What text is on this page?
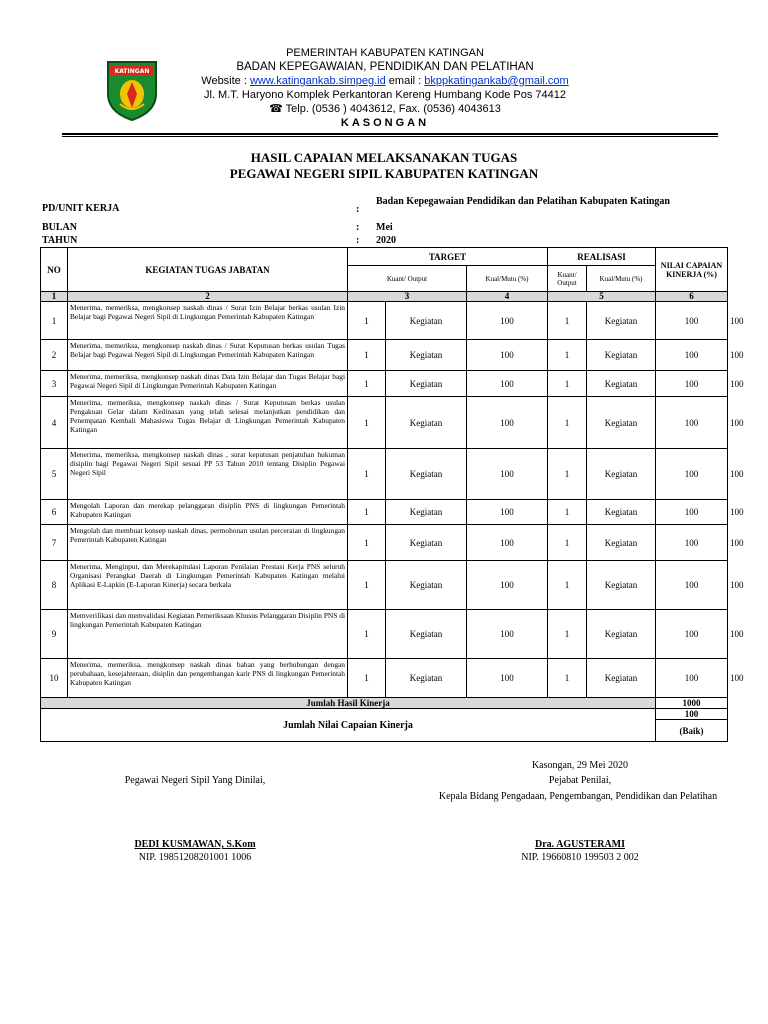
KATINGAN
PEMERINTAH KABUPATEN KATINGAN
BADAN KEPEGAWAIAN, PENDIDIKAN DAN PELATIHAN
Website : www.katingankab.simpeg.id email : bkppkatingankab@gmail.com
Jl. M.T. Haryono Komplek Perkantoran Kereng Humbang Kode Pos 74412
☎ Telp. (0536 ) 4043612, Fax. (0536) 4043613
KASONGAN
HASIL CAPAIAN MELAKSANAKAN TUGAS
PEGAWAI NEGERI SIPIL KABUPATEN KATINGAN
PD/UNIT KERJA	:
Badan Kepegawaian Pendidikan dan Pelatihan Kabupaten Katingan
BULAN	: Mei
TAHUN	: 2020
NO	KEGIATAN TUGAS JABATAN	TARGET			REALISASI		NILAI CAPAIAN KINERJA (%)	
		Kuant/ Output		Kual/Mutu (%)	Kuant/ Output	Kual/Mutu (%)		
1	2	3		4	5		6	
1	Menerima, memeriksa, mengkonsep naskah dinas / Surat Izin Belajar berkas usulan Izin Belajar bagi Pegawai Negeri Sipil di Lingkungan Pemerintah Kabupaten Katingan	1	Kegiatan	100	1	Kegiatan	100	100
2	Menerima, memeriksa, mengkonsep naskah dinas / Surat Keputusan berkas usulan Tugas Belajar bagi Pegawai Negeri Sipil di Lingkungan Pemerintah Kabupaten Katingan	1	Kegiatan	100	1	Kegiatan	100	100
3	Menerima, memeriksa, mengkonsep naskah dinas Data Izin Belajar dan Tugas Belajar bagi Pegawai Negeri Sipil di Lingkungan Pemerintah Kabupaten Katingan	1	Kegiatan	100	1	Kegiatan	100	100
4	Menerima, memeriksa, mengkonsep naskah dinas / Surat Keputusan berkas usulan Pengakuan Gelar dalam Kedinasan yang telah selesai melanjutkan pendidikan dan Penempatan Kembali Mahasiswa Tugas Belajar di Lingkungan Pemerintah Kabupaten Katingan	1	Kegiatan	100	1	Kegiatan	100	100
5	Menerima, memeriksa, mengkonsep naskah dinas , surat keputusan penjatuhan hukuman disiplin bagi Pegawai Negeri Sipil sesuai PP 53 Tahun 2010 tentang Disiplin Pegawai Negeri Sipil	1	Kegiatan	100	1	Kegiatan	100	100
6	Mengolah Laporan dan merekap pelanggaran disiplin PNS di lingkungan Pemerintah Kabupaten Katingan	1	Kegiatan	100	1	Kegiatan	100	100
7	Mengolah dan membuat konsep naskah dinas, permohonan usulan perceraian di lingkungan Pemerintah Kabupaten Katingan	1	Kegiatan	100	1	Kegiatan	100	100
8	Menerima, Menginput, dan Merekapitulasi Laporan Penilaian Prestasi Kerja PNS seluruh Organisasi Perangkat Daerah di Lingkungan Pemerintah Kabupaten Katingan melalui Aplikasi E-Lapkin (E-Laporan Kinerja) secara berkala	1	Kegiatan	100	1	Kegiatan	100	100
9	Memverifikasi dan memvalidasi Kegiatan Pemeriksaan Khusus Pelanggaran Disiplin PNS di lingkungan Pemerintah Kabupaten Katingan	1	Kegiatan	100	1	Kegiatan	100	100
10	Menerima, memeriksa, mengkonsep naskah dinas bahan yang berhubungan dengan perubahaan, kesejahteraan, disiplin dan pengembangan karir PNS di lingkungan Pemerintah Kabupaten Katingan	1	Kegiatan	100	1	Kegiatan	100	100
Jumlah Hasil Kinerja							1000	
Jumlah Nilai Capaian Kinerja							100	
							(Baik)	
Kasongan, 29 Mei 2020
Pegawai Negeri Sipil Yang Dinilai,	Pejabat Penilai,
Kepala Bidang Pengadaan, Pengembangan, Pendidikan dan Pelatihan
DEDI KUSMAWAN, S.Kom
NIP. 19851208201001 1006
Dra. AGUSTERAMI
NIP. 19660810 199503 2 002
